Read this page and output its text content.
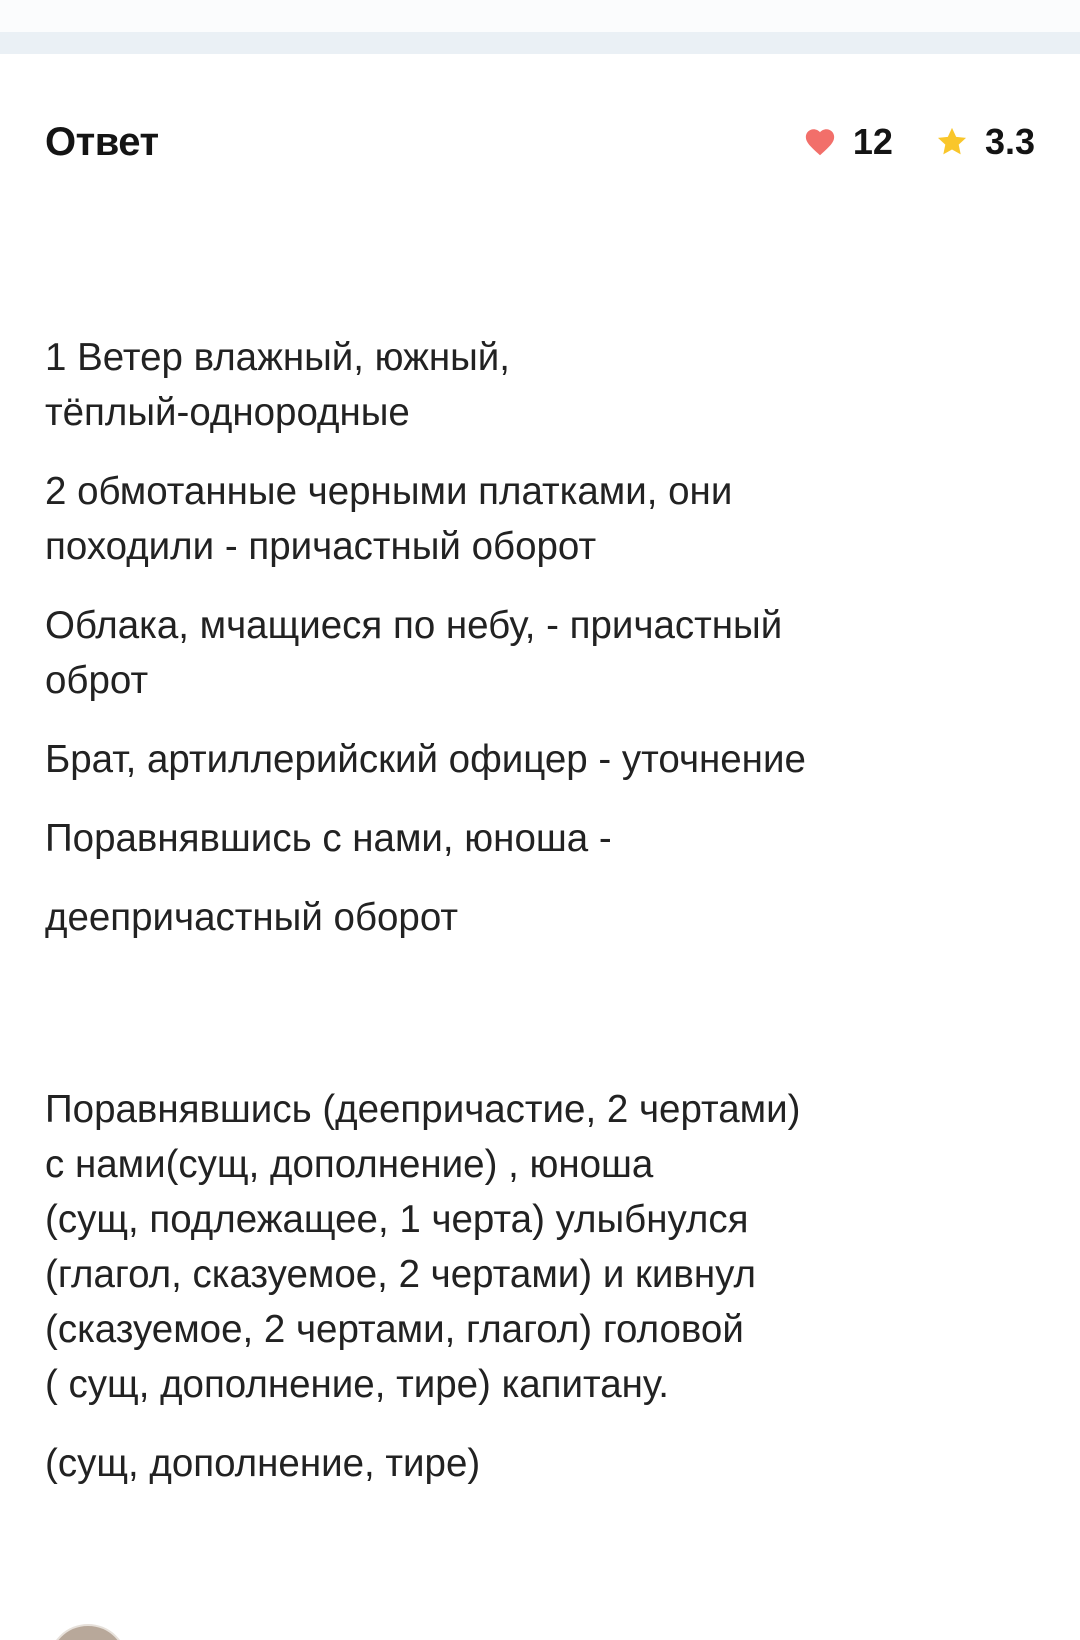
Ответ	12	3.3

1 Ветер влажный, южный,
тёплый-однородные

2 обмотанные черными платками, они
походили - причастный оборот

Облака, мчащиеся по небу, - причастный
оброт

Брат, артиллерийский офицер - уточнение

Поравнявшись с нами, юноша -

деепричастный оборот

Поравнявшись (деепричастие, 2 чертами)
с нами(сущ, дополнение) , юноша
(сущ, подлежащее, 1 черта) улыбнулся
(глагол, сказуемое, 2 чертами) и кивнул
(сказуемое, 2 чертами, глагол) головой
( сущ, дополнение, тире) капитану.

(сущ, дополнение, тире)
